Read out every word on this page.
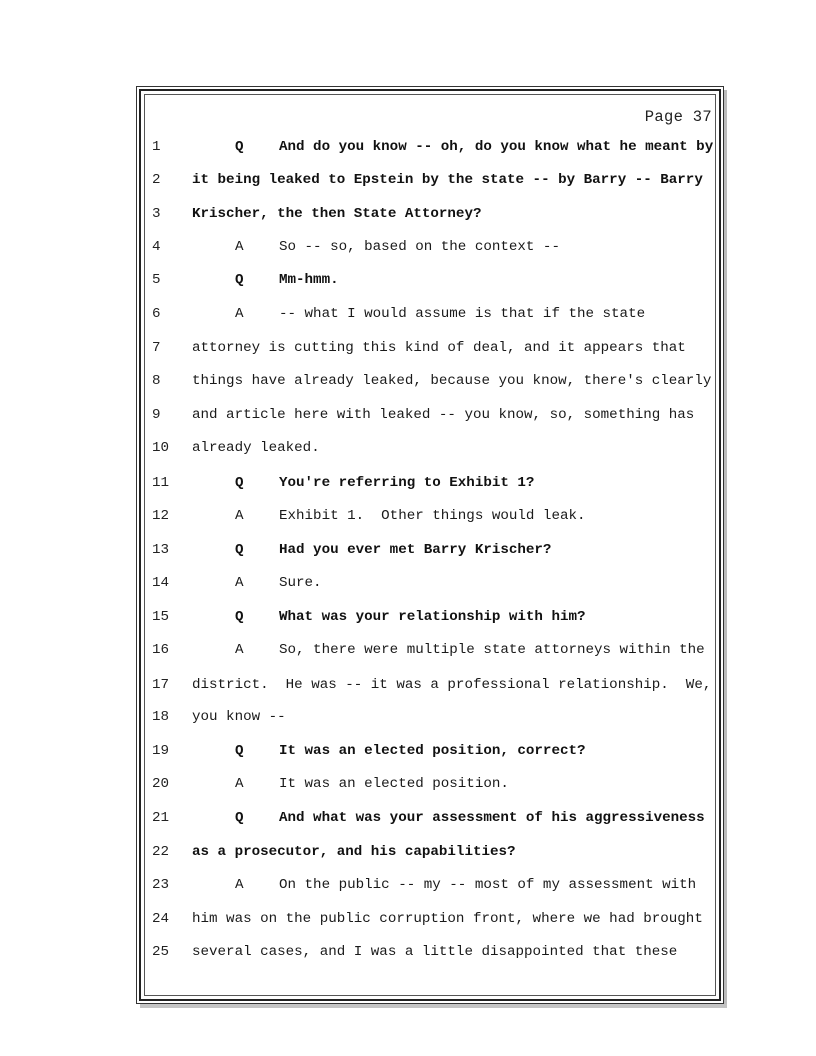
Page 37
1	Q And do you know -- oh, do you know what he meant by
2	it being leaked to Epstein by the state -- by Barry -- Barry
3	Krischer, the then State Attorney?
4	A So -- so, based on the context --
5	Q Mm-hmm.
6	A -- what I would assume is that if the state
7	attorney is cutting this kind of deal, and it appears that
8	things have already leaked, because you know, there's clearly
9	and article here with leaked -- you know, so, something has
10	already leaked.
11	Q You're referring to Exhibit 1?
12	A Exhibit 1.  Other things would leak.
13	Q Had you ever met Barry Krischer?
14	A Sure.
15	Q What was your relationship with him?
16	A So, there were multiple state attorneys within the
17	district.  He was -- it was a professional relationship.  We,
18	you know --
19	Q It was an elected position, correct?
20	A It was an elected position.
21	Q And what was your assessment of his aggressiveness
22	as a prosecutor, and his capabilities?
23	A On the public -- my -- most of my assessment with
24	him was on the public corruption front, where we had brought
25	several cases, and I was a little disappointed that these
